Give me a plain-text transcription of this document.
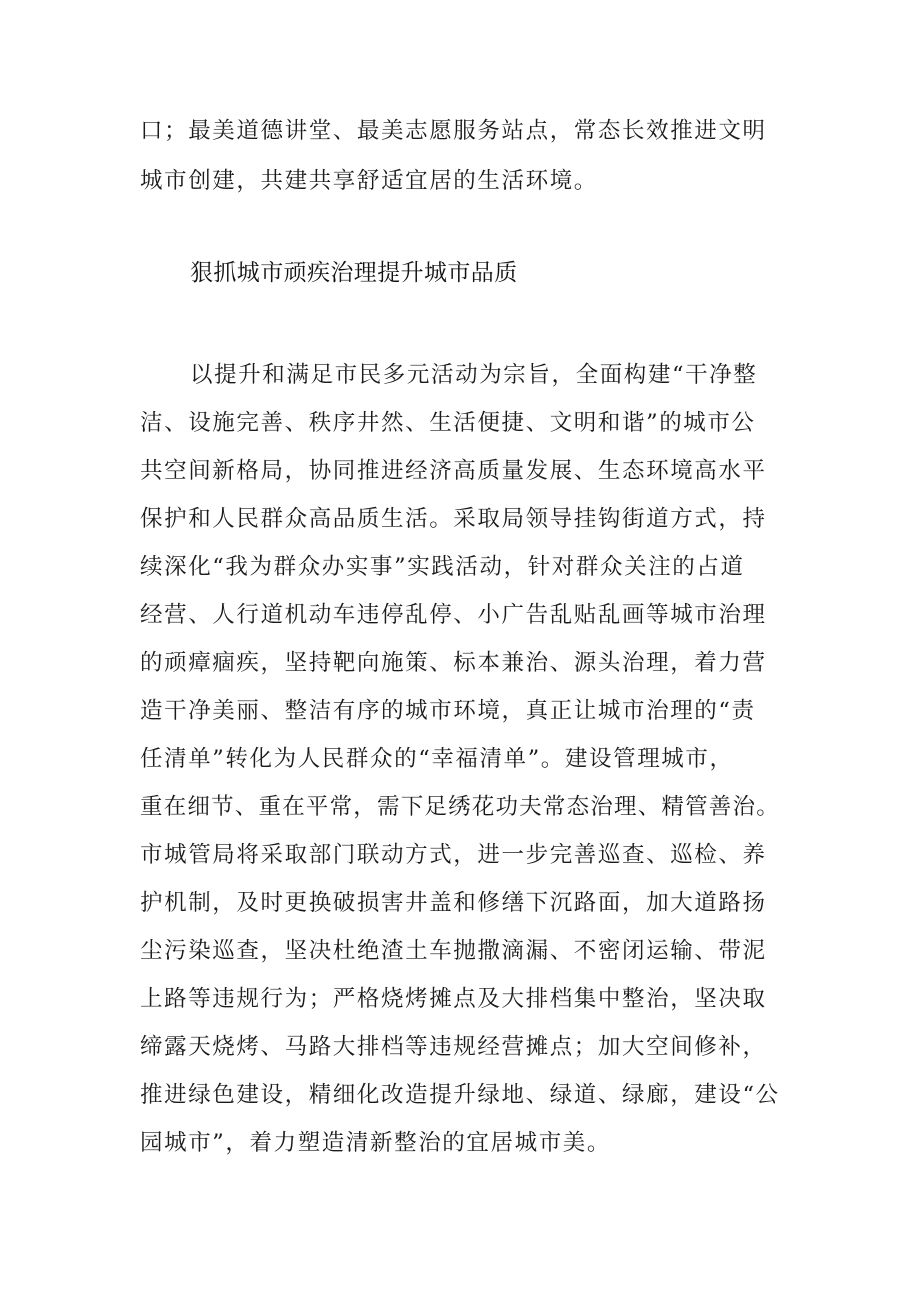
口；最美道德讲堂、最美志愿服务站点，常态长效推进文明
城市创建，共建共享舒适宜居的生活环境。
狠抓城市顽疾治理提升城市品质
以提升和满足市民多元活动为宗旨，全面构建“干净整
洁、设施完善、秩序井然、生活便捷、文明和谐”的城市公
共空间新格局，协同推进经济高质量发展、生态环境高水平
保护和人民群众高品质生活。采取局领导挂钩街道方式，持
续深化“我为群众办实事”实践活动，针对群众关注的占道
经营、人行道机动车违停乱停、小广告乱贴乱画等城市治理
的顽瘴痼疾，坚持靶向施策、标本兼治、源头治理，着力营
造干净美丽、整洁有序的城市环境，真正让城市治理的“责
任清单”转化为人民群众的“幸福清单”。建设管理城市，
重在细节、重在平常，需下足绣花功夫常态治理、精管善治。
市城管局将采取部门联动方式，进一步完善巡查、巡检、养
护机制，及时更换破损害井盖和修缮下沉路面，加大道路扬
尘污染巡查，坚决杜绝渣土车抛撒滴漏、不密闭运输、带泥
上路等违规行为；严格烧烤摊点及大排档集中整治，坚决取
缔露天烧烤、马路大排档等违规经营摊点；加大空间修补，
推进绿色建设，精细化改造提升绿地、绿道、绿廊，建设“公
园城市”，着力塑造清新整治的宜居城市美。
